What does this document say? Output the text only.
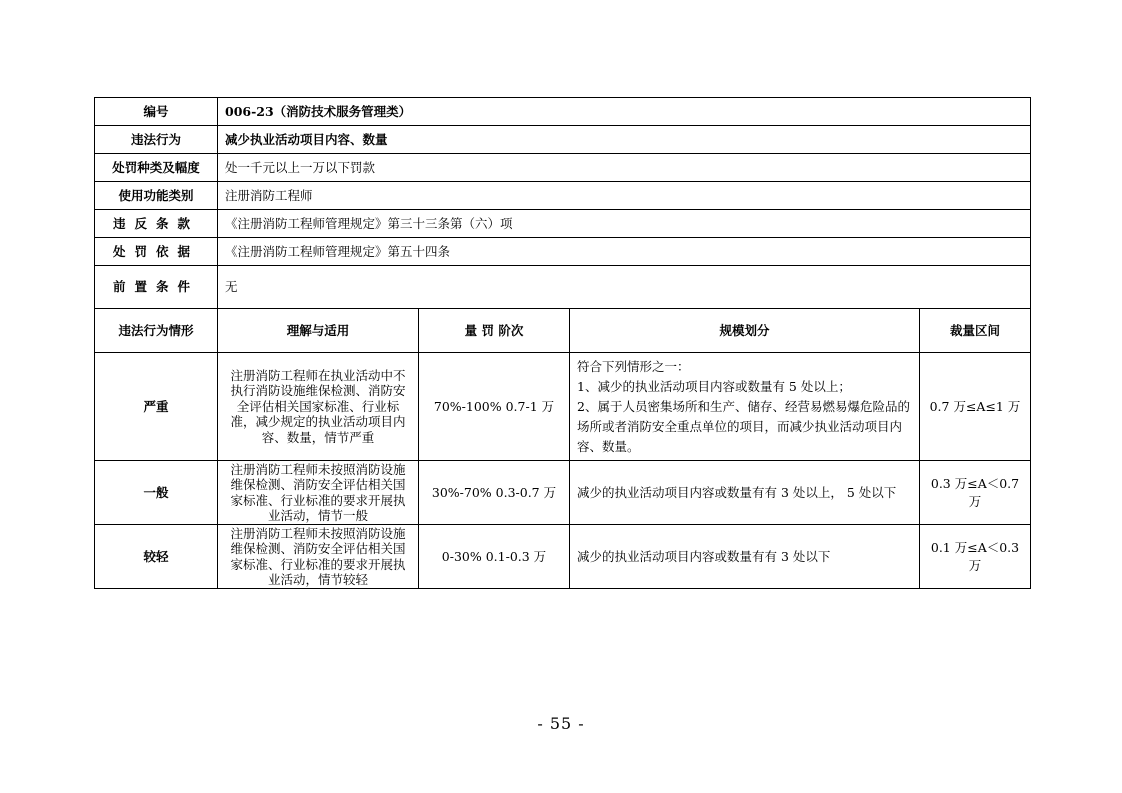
编号	006-23（消防技术服务管理类）			
违法行为	减少执业活动项目内容、数量			
处罚种类及幅度	处一千元以上一万以下罚款			
使用功能类别	注册消防工程师			
违反条款	《注册消防工程师管理规定》第三十三条第（六）项			
处罚依据	《注册消防工程师管理规定》第五十四条			
前置条件	无			
违法行为情形	理解与适用	量 罚 阶次	规模划分	裁量区间
严重	注册消防工程师在执业活动中不执行消防设施维保检测、消防安全评估相关国家标准、行业标准，减少规定的执业活动项目内容、数量，情节严重	70%-100% 0.7-1 万	符合下列情形之一：
1、减少的执业活动项目内容或数量有 5 处以上；
2、属于人员密集场所和生产、储存、经营易燃易爆危险品的场所或者消防安全重点单位的项目，而减少执业活动项目内容、数量。	0.7 万≤A≤1 万
一般	注册消防工程师未按照消防设施维保检测、消防安全评估相关国家标准、行业标准的要求开展执业活动，情节一般	30%-70% 0.3-0.7 万	减少的执业活动项目内容或数量有有 3 处以上， 5 处以下	0.3 万≤A＜0.7 万
较轻	注册消防工程师未按照消防设施维保检测、消防安全评估相关国家标准、行业标准的要求开展执业活动，情节较轻	0-30% 0.1-0.3 万	减少的执业活动项目内容或数量有有 3 处以下	0.1 万≤A＜0.3 万
- 55 -
